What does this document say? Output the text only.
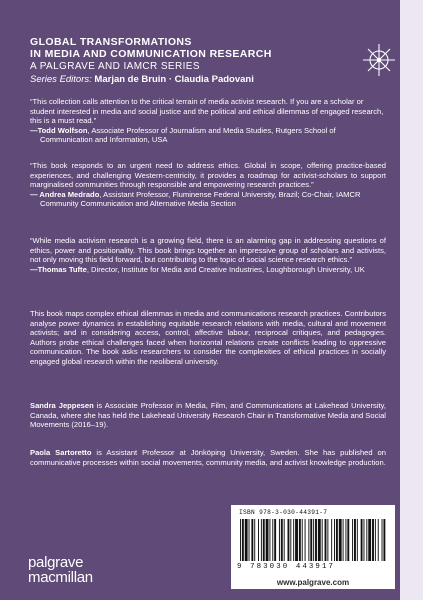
GLOBAL TRANSFORMATIONS
IN MEDIA AND COMMUNICATION RESEARCH
A PALGRAVE AND IAMCR SERIES
Series Editors: Marjan de Bruin · Claudia Padovani

“This collection calls attention to the critical terrain of media activist research. If you are a scholar or student interested in media and social justice and the political and ethical dilemmas of engaged research, this is a must read.”

—Todd Wolfson, Associate Professor of Journalism and Media Studies, Rutgers School of Communication and Information, USA

“This book responds to an urgent need to address ethics. Global in scope, offering practice-based experiences, and challenging Western-centricity, it provides a roadmap for activist-scholars to support marginalised communities through responsible and empowering research practices.”

— Andrea Medrado, Assistant Professor, Fluminense Federal University, Brazil; Co-Chair, IAMCR Community Communication and Alternative Media Section

“While media activism research is a growing field, there is an alarming gap in addressing questions of ethics, power and positionality. This book brings together an impressive group of scholars and activists, not only moving this field forward, but contributing to the topic of social science research ethics.”

—Thomas Tufte, Director, Institute for Media and Creative Industries, Loughborough University, UK

This book maps complex ethical dilemmas in media and communications research practices. Contributors analyse power dynamics in establishing equitable research relations with media, cultural and movement activists; and in considering access, control, affective labour, reciprocal critiques, and pedagogies. Authors probe ethical challenges faced when horizontal relations create conflicts leading to oppressive communication. The book asks researchers to consider the complexities of ethical practices in socially engaged global research within the neoliberal university.

Sandra Jeppesen is Associate Professor in Media, Film, and Communications at Lakehead University, Canada, where she has held the Lakehead University Research Chair in Transformative Media and Social Movements (2016–19).

Paola Sartoretto is Assistant Professor at Jönköping University, Sweden. She has published on communicative processes within social movements, community media, and activist knowledge production.

palgrave
macmillan
ISBN 978-3-030-44391-7
9 783030 443917
www.palgrave.com
